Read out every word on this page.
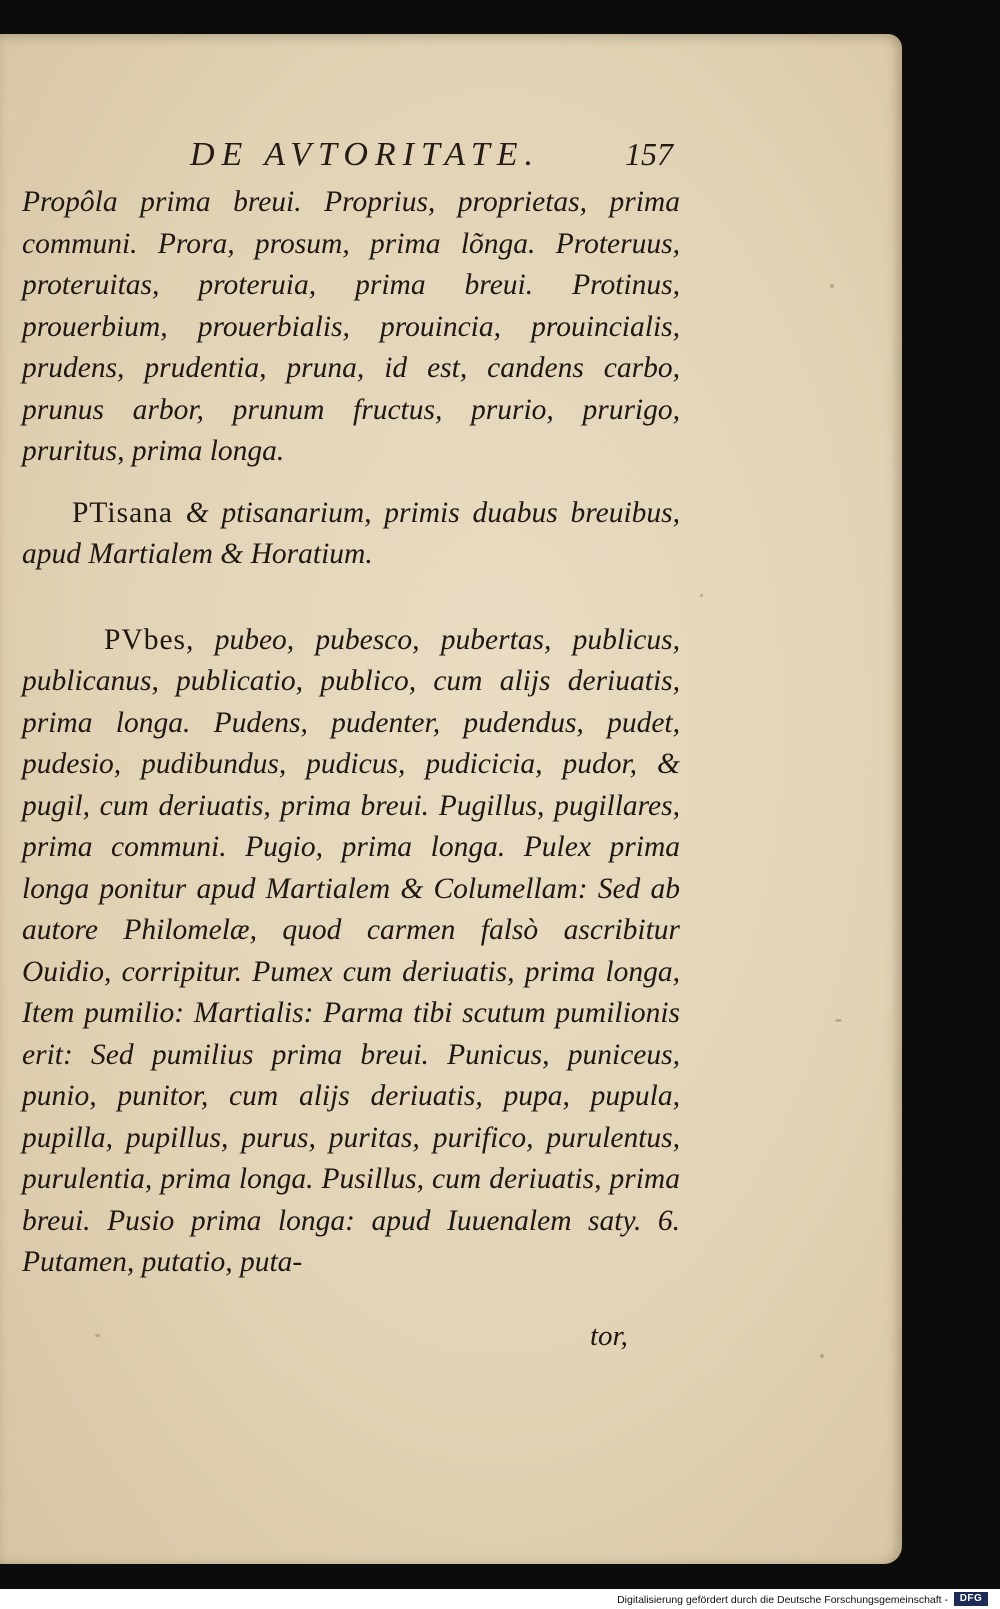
DE AVTORITATE.	157

Propôla prima breui. Proprius, proprietas, prima communi. Prora, prosum, prima lõnga. Proteruus, proteruitas, proteruia, prima breui. Protinus, prouerbium, prouerbialis, prouincia, prouincialis, prudens, prudentia, pruna, id est, candens carbo, prunus arbor, prunum fructus, prurio, prurigo, pruritus, prima longa.

PTisana & ptisanarium, primis duabus breuibus, apud Martialem & Horatium.

PVbes, pubeo, pubesco, pubertas, publicus, publicanus, publicatio, publico, cum alijs deriuatis, prima longa. Pudens, pudenter, pudendus, pudet, pudesio, pudibundus, pudicus, pudicicia, pudor, & pugil, cum deriuatis, prima breui. Pugillus, pugillares, prima communi. Pugio, prima longa. Pulex prima longa ponitur apud Martialem & Columellam: Sed ab autore Philomelæ, quod carmen falsò ascribitur Ouidio, corripitur. Pumex cum deriuatis, prima longa, Item pumilio: Martialis: Parma tibi scutum pumilionis erit: Sed pumilius prima breui. Punicus, puniceus, punio, punitor, cum alijs deriuatis, pupa, pupula, pupilla, pupillus, purus, puritas, purifico, purulentus, purulentia, prima longa. Pusillus, cum deriuatis, prima breui. Pusio prima longa: apud Iuuenalem saty. 6. Putamen, putatio, puta-

tor,
Digitalisierung gefördert durch die Deutsche Forschungsgemeinschaft -	DFG
